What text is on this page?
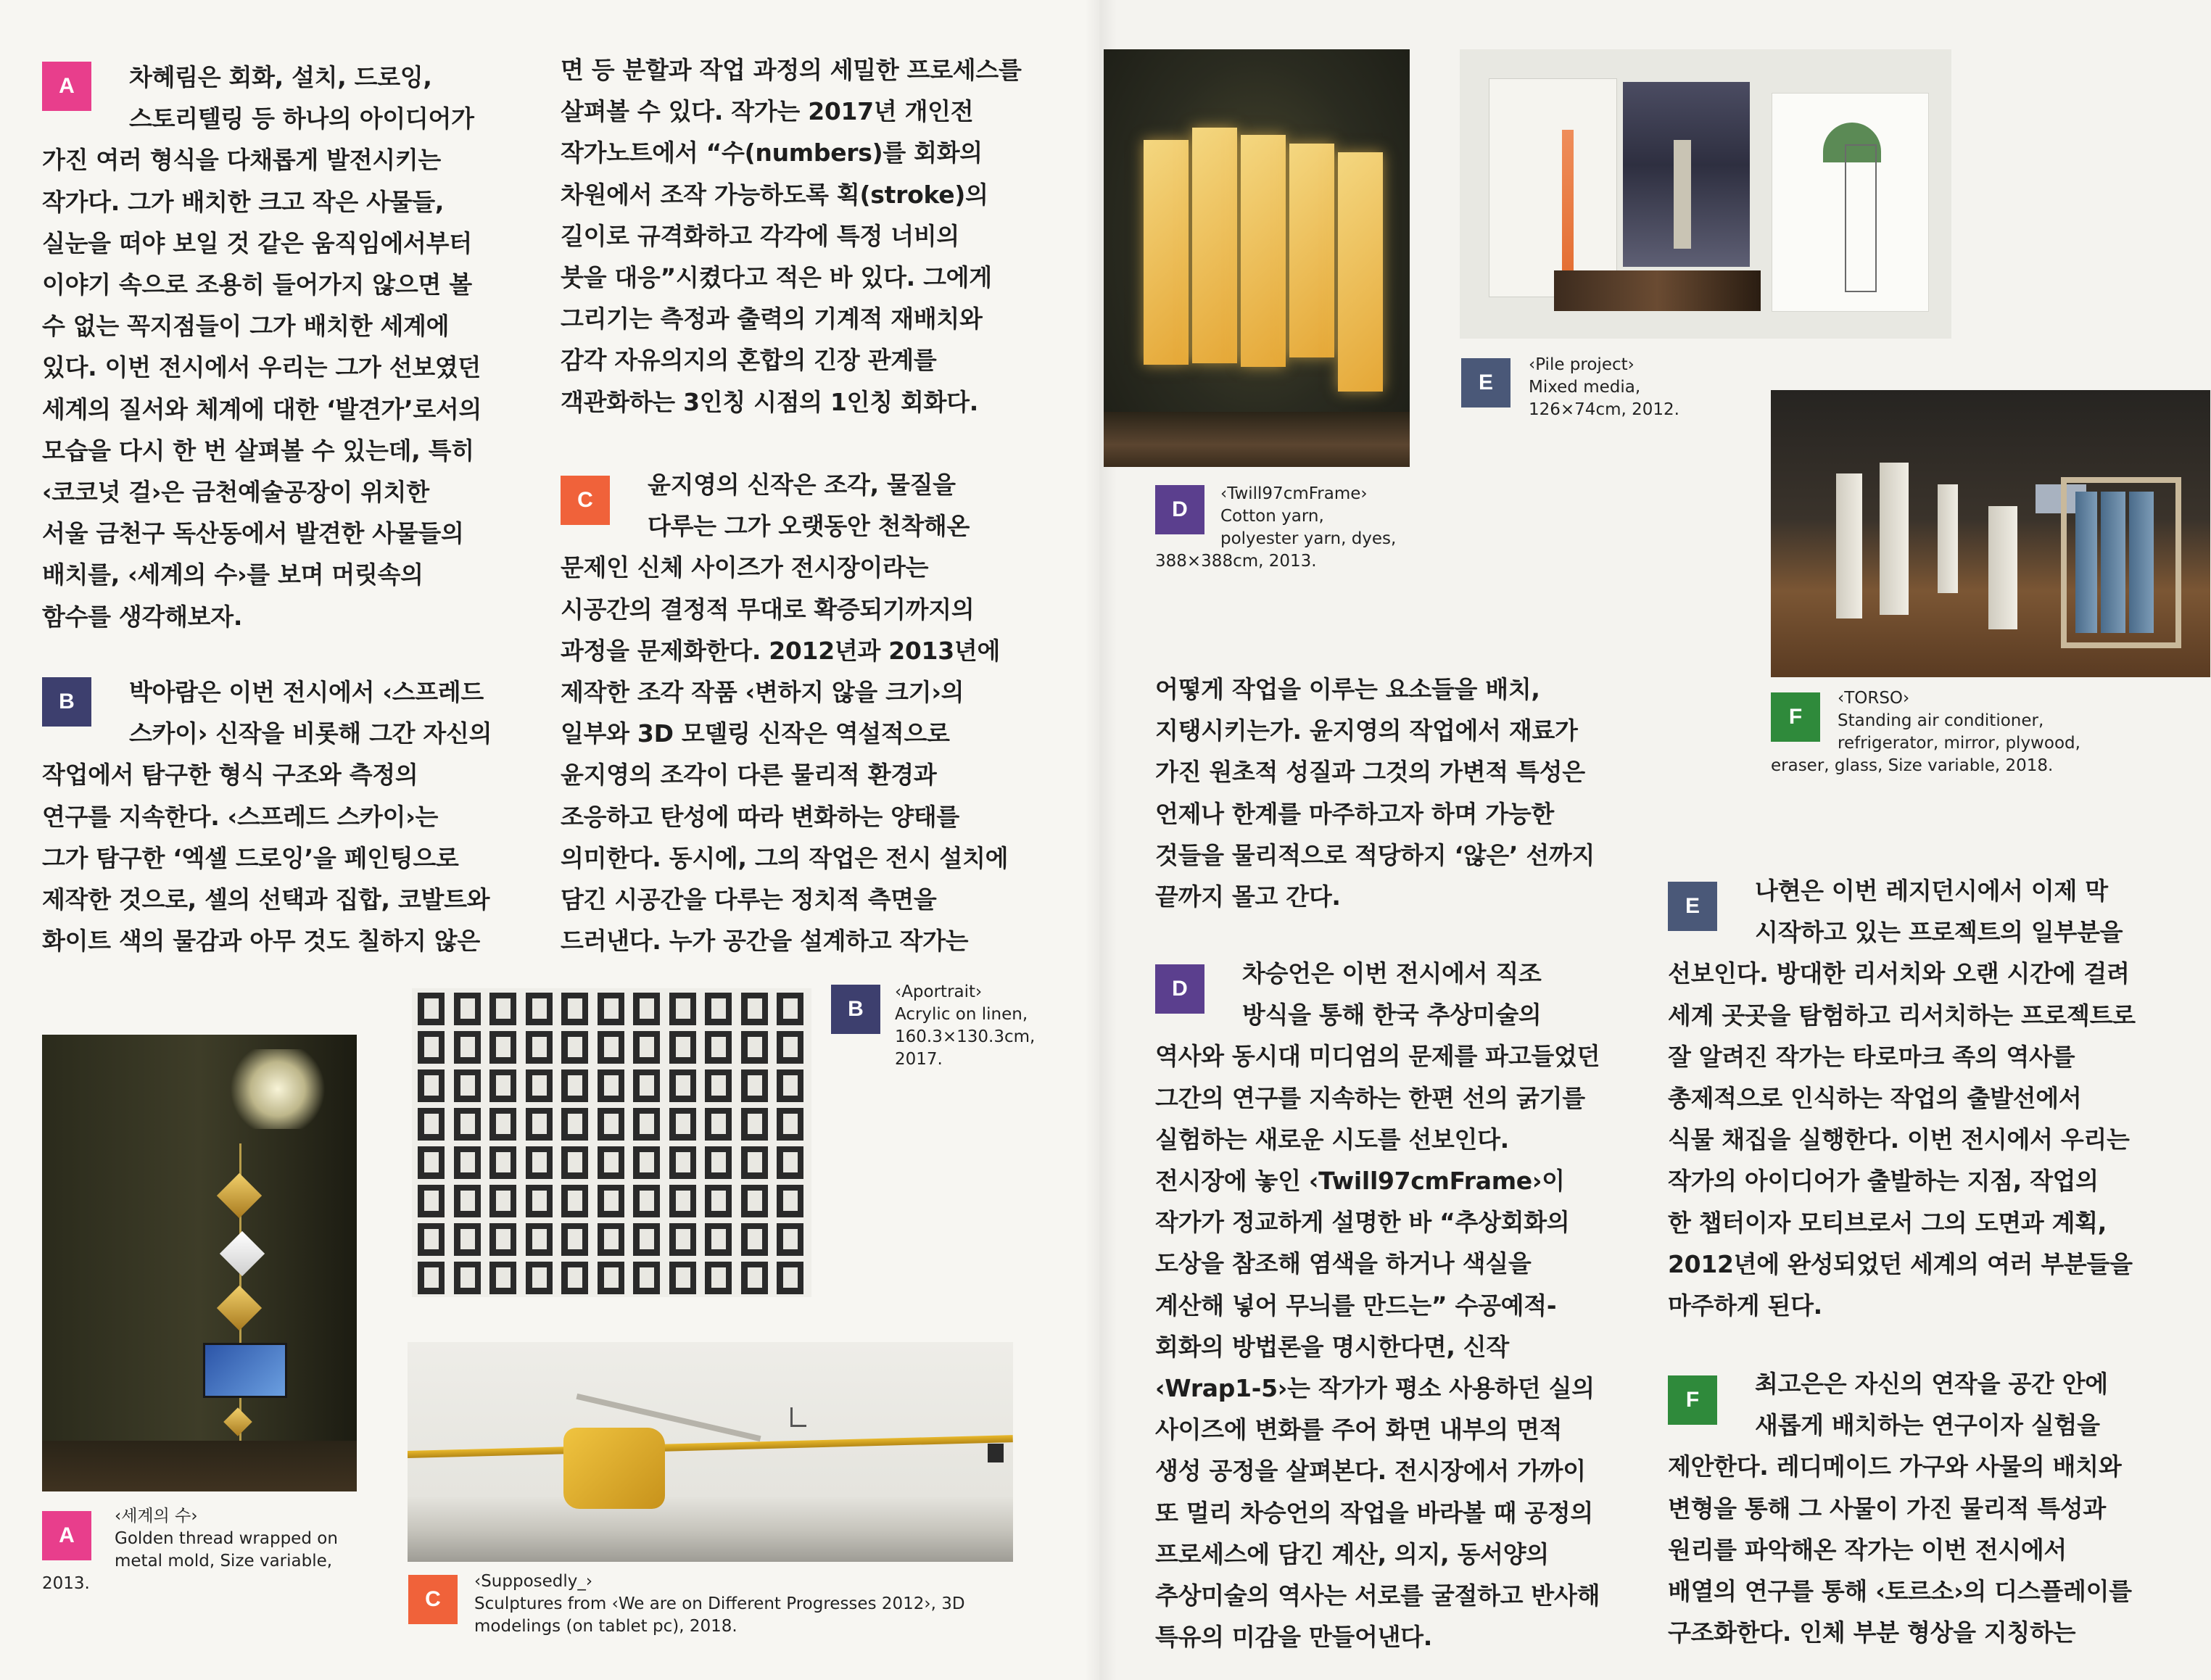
A	차혜림은 회화, 설치, 드로잉,
스토리텔링 등 하나의 아이디어가
가진 여러 형식을 다채롭게 발전시키는
작가다. 그가 배치한 크고 작은 사물들,
실눈을 떠야 보일 것 같은 움직임에서부터
이야기 속으로 조용히 들어가지 않으면 볼
수 없는 꼭지점들이 그가 배치한 세계에
있다. 이번 전시에서 우리는 그가 선보였던
세계의 질서와 체계에 대한 ‘발견가’로서의
모습을 다시 한 번 살펴볼 수 있는데, 특히
‹코코넛 걸›은 금천예술공장이 위치한
서울 금천구 독산동에서 발견한 사물들의
배치를, ‹세계의 수›를 보며 머릿속의
함수를 생각해보자.
B	박아람은 이번 전시에서 ‹스프레드
스카이› 신작을 비롯해 그간 자신의
작업에서 탐구한 형식 구조와 측정의
연구를 지속한다. ‹스프레드 스카이›는
그가 탐구한 ‘엑셀 드로잉’을 페인팅으로
제작한 것으로, 셀의 선택과 집합, 코발트와
화이트 색의 물감과 아무 것도 칠하지 않은
면 등 분할과 작업 과정의 세밀한 프로세스를
살펴볼 수 있다. 작가는 2017년 개인전
작가노트에서 “수(numbers)를 회화의
차원에서 조작 가능하도록 획(stroke)의
길이로 규격화하고 각각에 특정 너비의
붓을 대응”시켰다고 적은 바 있다. 그에게
그리기는 측정과 출력의 기계적 재배치와
감각 자유의지의 혼합의 긴장 관계를
객관화하는 3인칭 시점의 1인칭 회화다.
C
윤지영의 신작은 조각, 물질을
다루는 그가 오랫동안 천착해온
문제인 신체 사이즈가 전시장이라는
시공간의 결정적 무대로 확증되기까지의
과정을 문제화한다. 2012년과 2013년에
제작한 조각 작품 ‹변하지 않을 크기›의
일부와 3D 모델링 신작은 역설적으로
윤지영의 조각이 다른 물리적 환경과
조응하고 탄성에 따라 변화하는 양태를
의미한다. 동시에, 그의 작업은 전시 설치에
담긴 시공간을 다루는 정치적 측면을
드러낸다. 누가 공간을 설계하고 작가는
어떻게 작업을 이루는 요소들을 배치,
지탱시키는가. 윤지영의 작업에서 재료가
가진 원초적 성질과 그것의 가변적 특성은
언제나 한계를 마주하고자 하며 가능한
것들을 물리적으로 적당하지 ‘않은’ 선까지
끝까지 몰고 간다.
D
차승언은 이번 전시에서 직조
방식을 통해 한국 추상미술의
역사와 동시대 미디엄의 문제를 파고들었던
그간의 연구를 지속하는 한편 선의 굵기를
실험하는 새로운 시도를 선보인다.
전시장에 놓인 ‹Twill97cmFrame›이
작가가 정교하게 설명한 바 “추상회화의
도상을 참조해 염색을 하거나 색실을
계산해 넣어 무늬를 만드는” 수공예적-
회화의 방법론을 명시한다면, 신작
‹Wrap1-5›는 작가가 평소 사용하던 실의
사이즈에 변화를 주어 화면 내부의 면적
생성 공정을 살펴본다. 전시장에서 가까이
또 멀리 차승언의 작업을 바라볼 때 공정의
프로세스에 담긴 계산, 의지, 동서양의
추상미술의 역사는 서로를 굴절하고 반사해
특유의 미감을 만들어낸다.
E
나현은 이번 레지던시에서 이제 막
시작하고 있는 프로젝트의 일부분을
선보인다. 방대한 리서치와 오랜 시간에 걸려
세계 곳곳을 탐험하고 리서치하는 프로젝트로
잘 알려진 작가는 타로마크 족의 역사를
총제적으로 인식하는 작업의 출발선에서
식물 채집을 실행한다. 이번 전시에서 우리는
작가의 아이디어가 출발하는 지점, 작업의
한 챕터이자 모티브로서 그의 도면과 계획,
2012년에 완성되었던 세계의 여러 부분들을
마주하게 된다.
F
최고은은 자신의 연작을 공간 안에
새롭게 배치하는 연구이자 실험을
제안한다. 레디메이드 가구와 사물의 배치와
변형을 통해 그 사물이 가진 물리적 특성과
원리를 파악해온 작가는 이번 전시에서
배열의 연구를 통해 ‹토르소›의 디스플레이를
구조화한다. 인체 부분 형상을 지칭하는
A
‹세계의 수›
Golden thread wrapped on
metal mold, Size variable,
2013.
B
‹Aportrait›
Acrylic on linen,
160.3×130.3cm,
2017.
C
‹Supposedly_›
Sculptures from ‹We are on Different Progresses 2012›, 3D
modelings (on tablet pc), 2018.
D
‹Twill97cmFrame›
Cotton yarn,
polyester yarn, dyes,
388×388cm, 2013.
E
‹Pile project›
Mixed media,
126×74cm, 2012.
F
‹TORSO›
Standing air conditioner,
refrigerator, mirror, plywood,
eraser, glass, Size variable, 2018.
